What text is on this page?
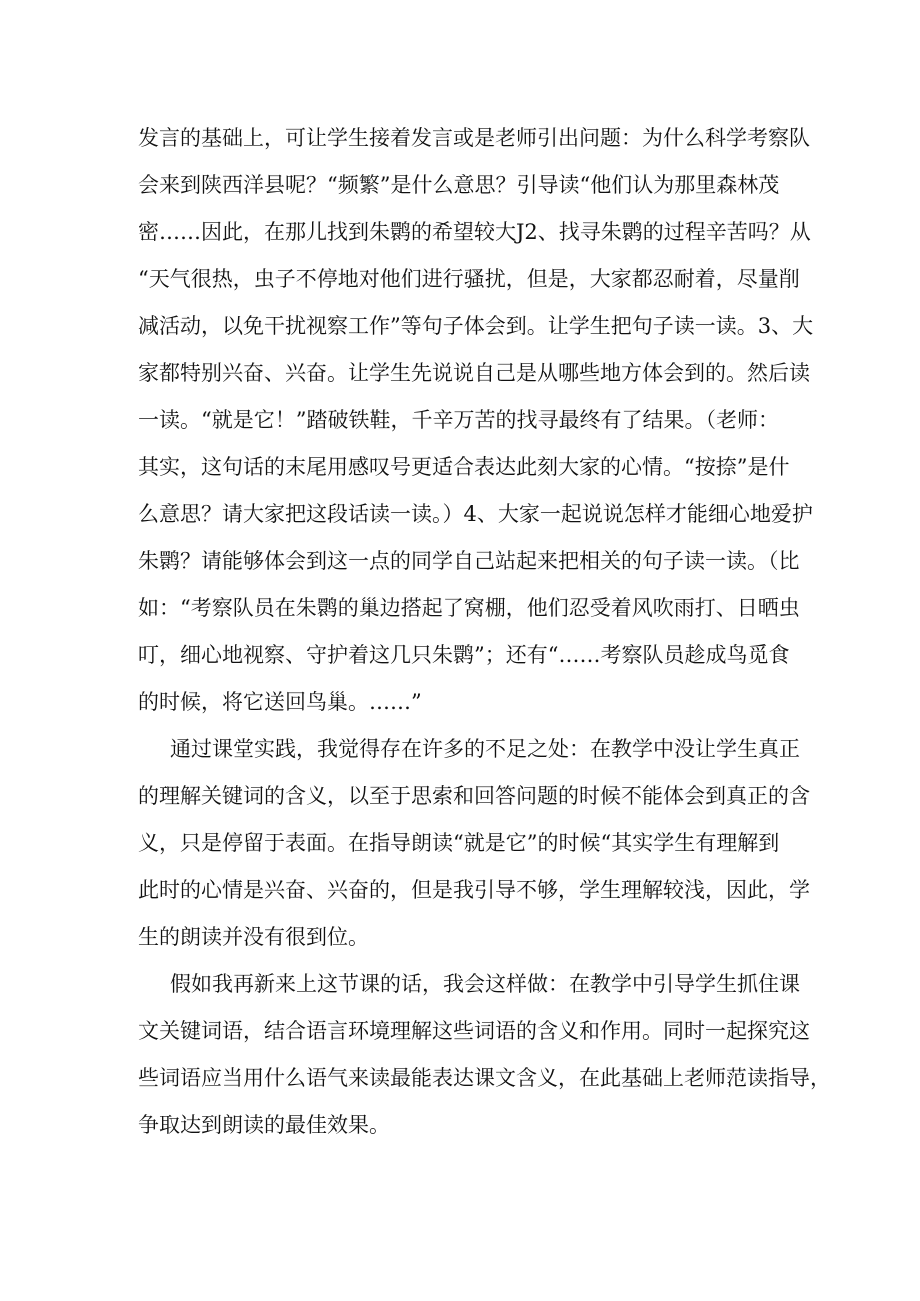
发言的基础上，可让学生接着发言或是老师引出问题：为什么科学考察队
会来到陕西洋县呢？“频繁”是什么意思？引导读“他们认为那里森林茂
密……因此，在那儿找到朱鹮的希望较大J2、找寻朱鹮的过程辛苦吗？从
“天气很热，虫子不停地对他们进行骚扰，但是，大家都忍耐着，尽量削
减活动，以免干扰视察工作”等句子体会到。让学生把句子读一读。3、大
家都特别兴奋、兴奋。让学生先说说自己是从哪些地方体会到的。然后读
一读。“就是它！”踏破铁鞋，千辛万苦的找寻最终有了结果。（老师：
其实，这句话的末尾用感叹号更适合表达此刻大家的心情。“按捺”是什
么意思？请大家把这段话读一读。）4、大家一起说说怎样才能细心地爱护
朱鹮？请能够体会到这一点的同学自己站起来把相关的句子读一读。（比
如：“考察队员在朱鹮的巢边搭起了窝棚，他们忍受着风吹雨打、日晒虫
叮，细心地视察、守护着这几只朱鹮”；还有“……考察队员趁成鸟觅食
的时候，将它送回鸟巢。……”
通过课堂实践，我觉得存在许多的不足之处：在教学中没让学生真正
的理解关键词的含义，以至于思索和回答问题的时候不能体会到真正的含
义，只是停留于表面。在指导朗读“就是它”的时候“其实学生有理解到
此时的心情是兴奋、兴奋的，但是我引导不够，学生理解较浅，因此，学
生的朗读并没有很到位。
假如我再新来上这节课的话，我会这样做：在教学中引导学生抓住课
文关键词语，结合语言环境理解这些词语的含义和作用。同时一起探究这
些词语应当用什么语气来读最能表达课文含义，在此基础上老师范读指导，
争取达到朗读的最佳效果。
